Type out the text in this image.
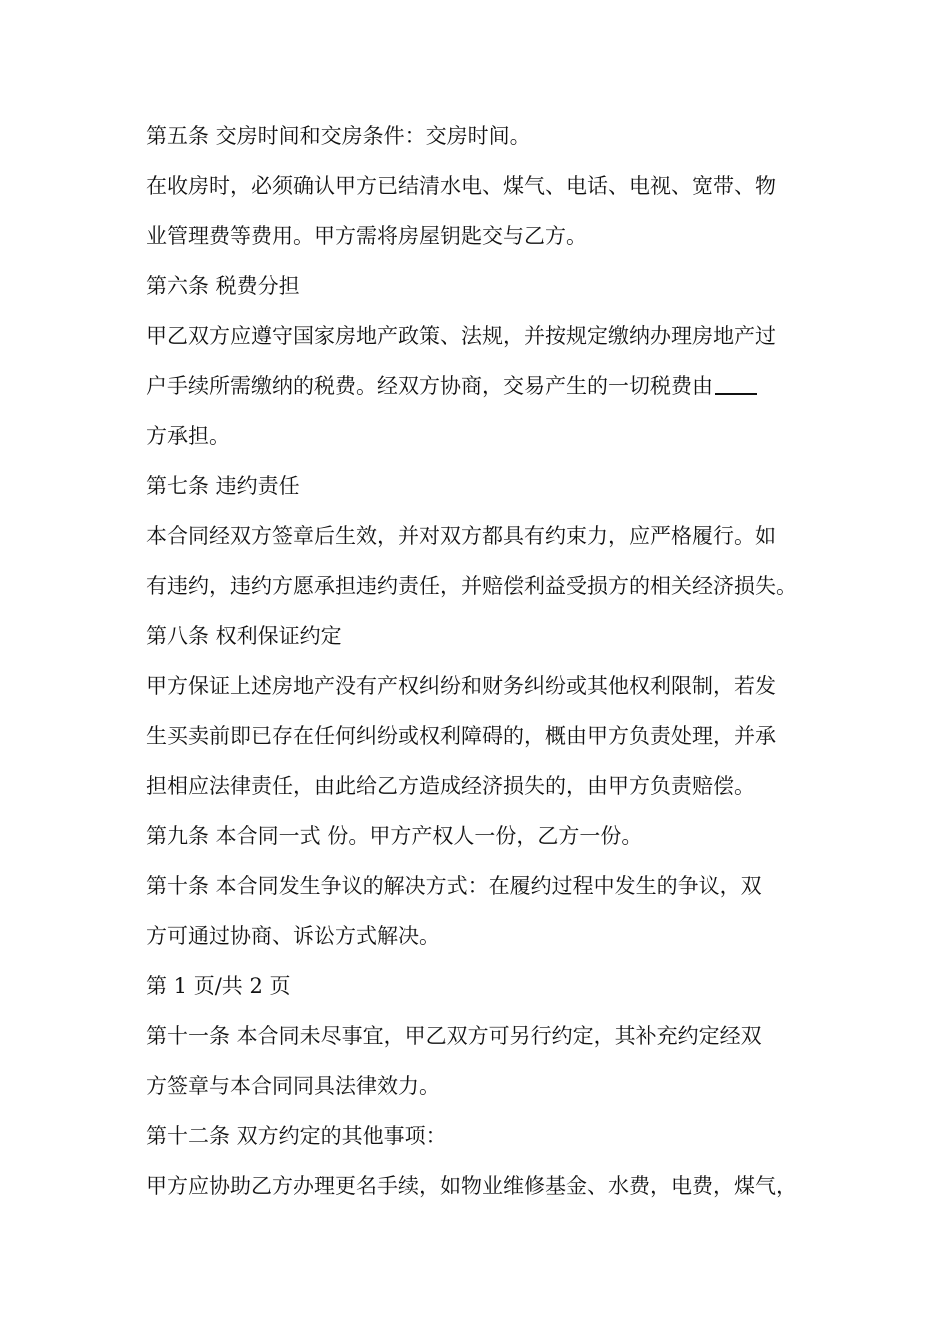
第五条 交房时间和交房条件：交房时间。
在收房时，必须确认甲方已结清水电、煤气、电话、电视、宽带、物
业管理费等费用。甲方需将房屋钥匙交与乙方。
第六条 税费分担
甲乙双方应遵守国家房地产政策、法规，并按规定缴纳办理房地产过
户手续所需缴纳的税费。经双方协商，交易产生的一切税费由
方承担。
第七条 违约责任
本合同经双方签章后生效，并对双方都具有约束力，应严格履行。如
有违约，违约方愿承担违约责任，并赔偿利益受损方的相关经济损失。
第八条 权利保证约定
甲方保证上述房地产没有产权纠纷和财务纠纷或其他权利限制，若发
生买卖前即已存在任何纠纷或权利障碍的，概由甲方负责处理，并承
担相应法律责任，由此给乙方造成经济损失的，由甲方负责赔偿。
第九条 本合同一式 份。甲方产权人一份，乙方一份。
第十条 本合同发生争议的解决方式：在履约过程中发生的争议，双
方可通过协商、诉讼方式解决。
第 1 页/共 2 页
第十一条 本合同未尽事宜，甲乙双方可另行约定，其补充约定经双
方签章与本合同同具法律效力。
第十二条 双方约定的其他事项：
甲方应协助乙方办理更名手续，如物业维修基金、水费，电费，煤气，
